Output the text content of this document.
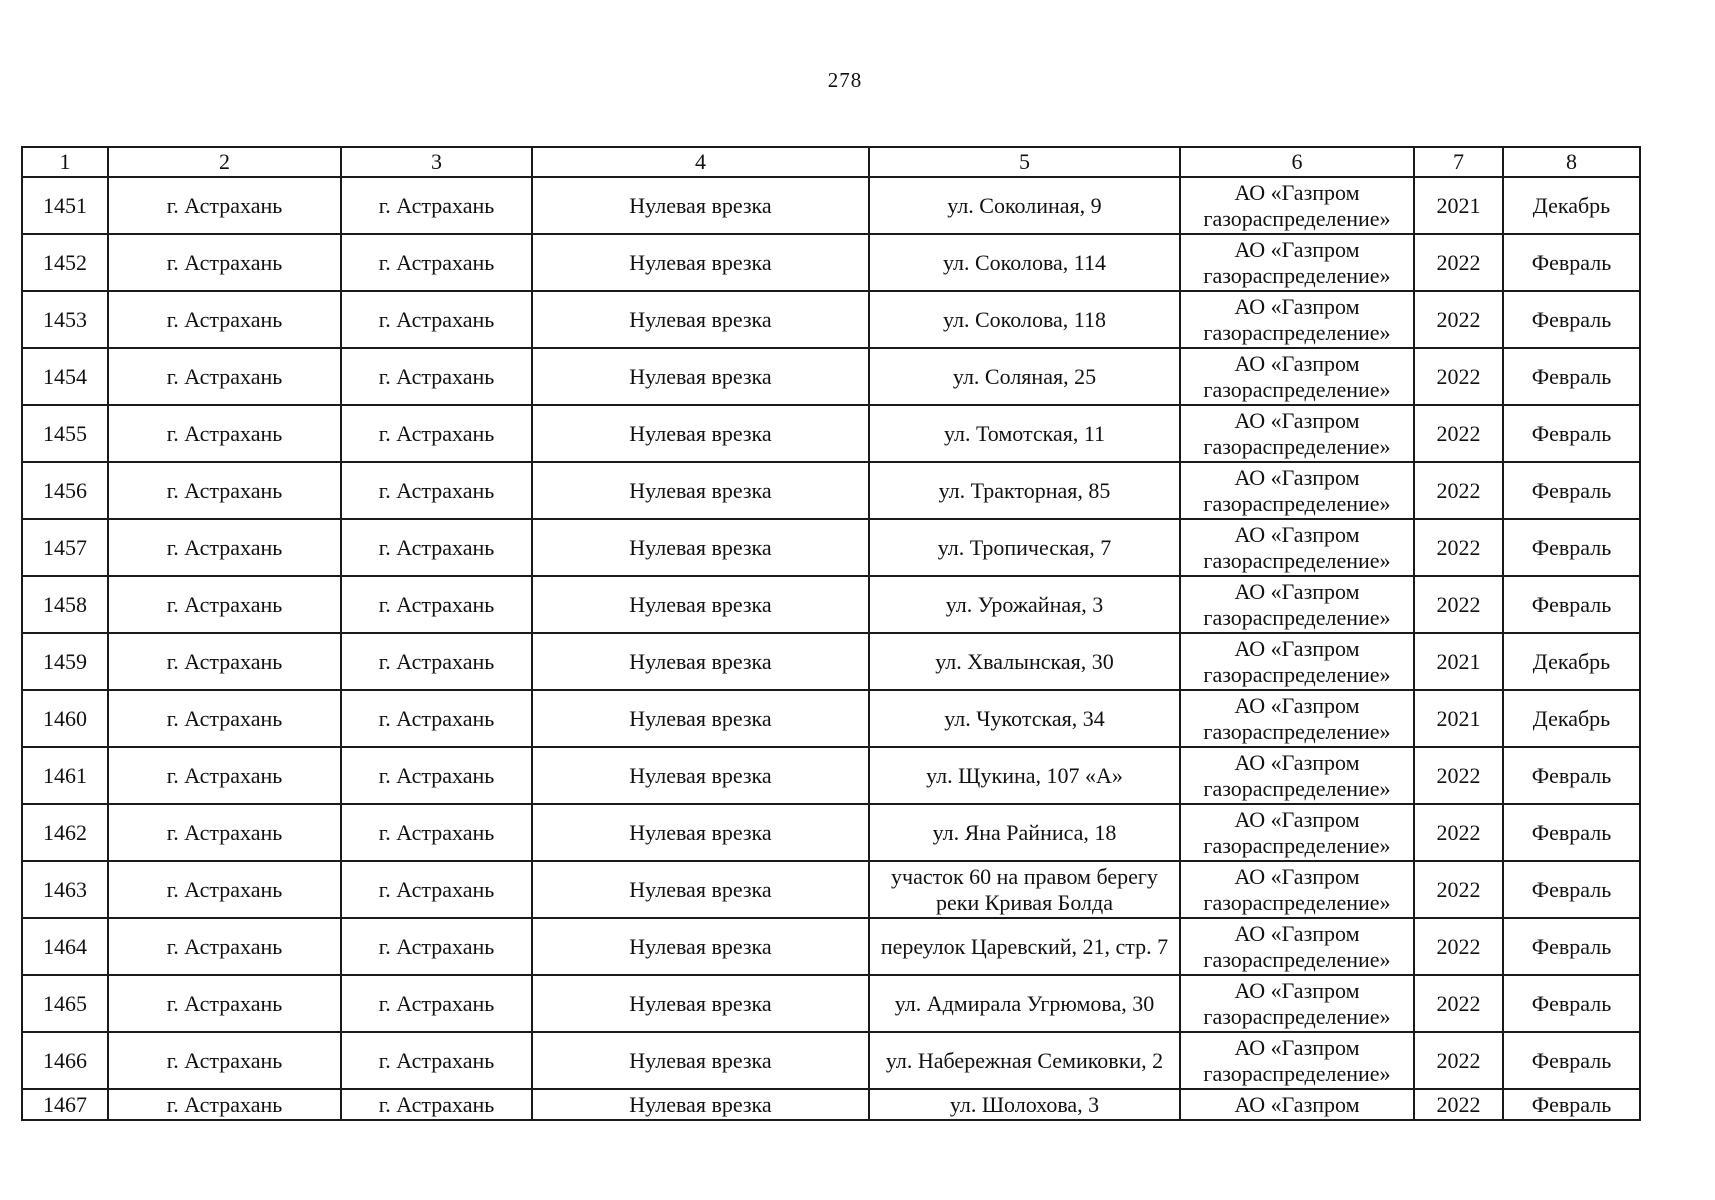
278
1	2	3	4	5	6	7	8
1451	г. Астрахань	г. Астрахань	Нулевая врезка	ул. Соколиная, 9	АО «Газпром
газораспределение»	2021	Декабрь
1452	г. Астрахань	г. Астрахань	Нулевая врезка	ул. Соколова, 114	АО «Газпром
газораспределение»	2022	Февраль
1453	г. Астрахань	г. Астрахань	Нулевая врезка	ул. Соколова, 118	АО «Газпром
газораспределение»	2022	Февраль
1454	г. Астрахань	г. Астрахань	Нулевая врезка	ул. Соляная, 25	АО «Газпром
газораспределение»	2022	Февраль
1455	г. Астрахань	г. Астрахань	Нулевая врезка	ул. Томотская, 11	АО «Газпром
газораспределение»	2022	Февраль
1456	г. Астрахань	г. Астрахань	Нулевая врезка	ул. Тракторная, 85	АО «Газпром
газораспределение»	2022	Февраль
1457	г. Астрахань	г. Астрахань	Нулевая врезка	ул. Тропическая, 7	АО «Газпром
газораспределение»	2022	Февраль
1458	г. Астрахань	г. Астрахань	Нулевая врезка	ул. Урожайная, 3	АО «Газпром
газораспределение»	2022	Февраль
1459	г. Астрахань	г. Астрахань	Нулевая врезка	ул. Хвалынская, 30	АО «Газпром
газораспределение»	2021	Декабрь
1460	г. Астрахань	г. Астрахань	Нулевая врезка	ул. Чукотская, 34	АО «Газпром
газораспределение»	2021	Декабрь
1461	г. Астрахань	г. Астрахань	Нулевая врезка	ул. Щукина, 107 «А»	АО «Газпром
газораспределение»	2022	Февраль
1462	г. Астрахань	г. Астрахань	Нулевая врезка	ул. Яна Райниса, 18	АО «Газпром
газораспределение»	2022	Февраль
1463	г. Астрахань	г. Астрахань	Нулевая врезка	участок 60 на правом берегу реки Кривая Болда	АО «Газпром
газораспределение»	2022	Февраль
1464	г. Астрахань	г. Астрахань	Нулевая врезка	переулок Царевский, 21, стр. 7	АО «Газпром
газораспределение»	2022	Февраль
1465	г. Астрахань	г. Астрахань	Нулевая врезка	ул. Адмирала Угрюмова, 30	АО «Газпром
газораспределение»	2022	Февраль
1466	г. Астрахань	г. Астрахань	Нулевая врезка	ул. Набережная Семиковки, 2	АО «Газпром
газораспределение»	2022	Февраль
1467	г. Астрахань	г. Астрахань	Нулевая врезка	ул. Шолохова, 3	АО «Газпром	2022	Февраль
